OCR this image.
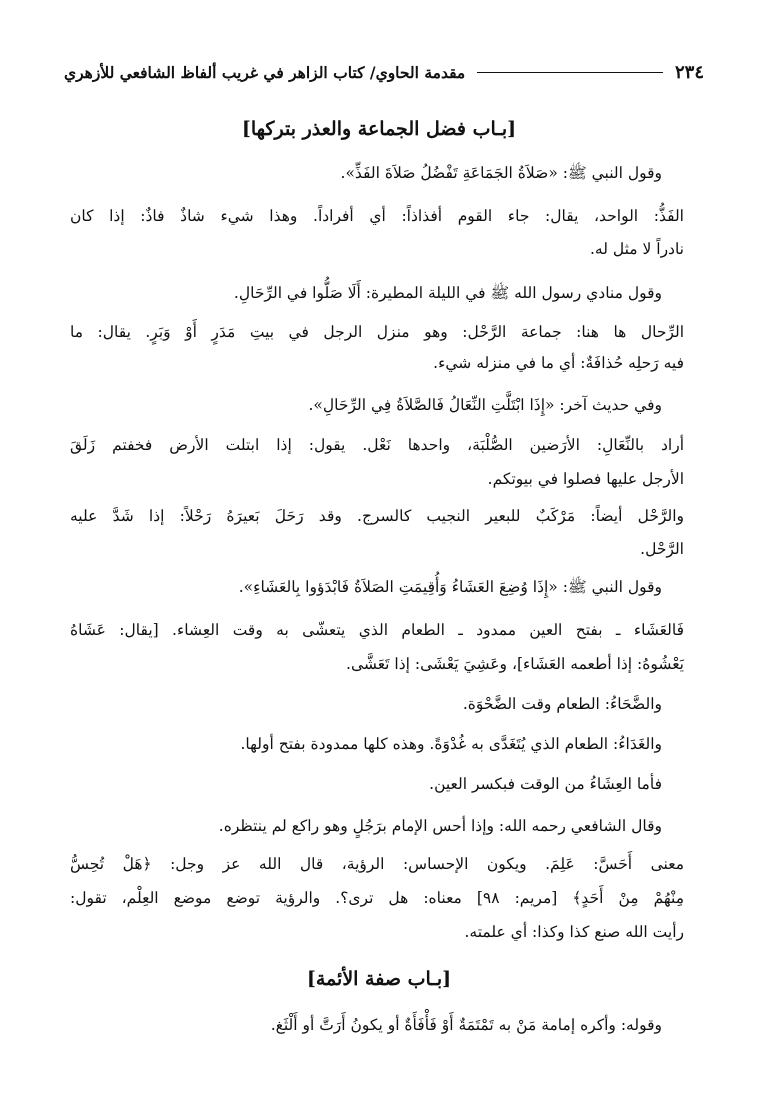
٢٣٤
مقدمة الحاوي/ كتاب الزاهر في غريب ألفاظ الشافعي للأزهري
[بـاب فضل الجماعة والعذر بتركها]
وقول النبي ﷺ: «صَلاَةُ الجَمَاعَةِ تَفْضُلُ صَلاَةَ الفَذِّ».
الفَذُّ: الواحد، يقال: جاء القوم أفذاذاً: أي أفراداً. وهذا شيء شاذٌ فاذٌ: إذا كان
نادراً لا مثل له.
وقول منادي رسول الله ﷺ في الليلة المطيرة: أَلَا صَلُّوا في الرِّحَالِ.
الرِّحال ها هنا: جماعة الرَّحْل: وهو منزل الرجل في بيتِ مَدَرٍ أَوْ وَبَرٍ. يقال: ما
فيه رَحلِه حُذافَةٌ: أي ما في منزله شيء.
وفي حديث آخر: «إِذَا ابْتَلَّتِ النِّعَالُ فَالصَّلاَةُ فِي الرِّحَالِ».
أراد بالنِّعَالِ: الأرَضين الصُّلْبَة، واحدها نَعْل. يقول: إذا ابتلت الأرض فخفتم زَلَقَ
الأرجل عليها فصلوا في بيوتكم.
والرَّحْل أيضاً: مَرْكَبٌ للبعير النجيب كالسرج. وقد رَحَلَ بَعيرَهُ رَحْلاً: إذا شَدَّ عليه
الرَّحْل.
وقول النبي ﷺ: «إِذَا وُضِعَ العَشَاءُ وَأُقِيمَتِ الصَلاَةُ فَابْدَؤوا بِالعَشَاءِ».
فَالعَشَاء ـ بفتح العين ممدود ـ الطعام الذي يتعشّى به وقت العِشاء. [يقال: عَشَاهُ
يَعْشُوهُ: إذا أطعمه العَشَاء]، وعَشِيَ يَعْشَى: إذا تَعَشَّى.
والضَّحَاءُ: الطعام وقت الضَّحْوَة.
والغَدَاءُ: الطعام الذي يُتَغَدَّى به غُدْوَةً. وهذه كلها ممدودة بفتح أولها.
فأما العِشَاءُ من الوقت فبكسر العين.
وقال الشافعي رحمه الله: وإذا أحس الإمام برَجُلٍ وهو راكع لم ينتظره.
معنى أَحَسَّ: عَلِمَ. ويكون الإحساس: الرؤية، قال الله عز وجل: ﴿هَلْ تُحِسُّ
مِنْهُمْ مِنْ أَحَدٍ﴾ [مريم: ٩٨] معناه: هل ترى؟. والرؤية توضع موضع العِلْم، تقول:
رأيت الله صنع كذا وكذا: أي علمته.
[بـاب صفة الأئمة]
وقوله: وأكره إمامة مَنْ به تَمْتَمَةٌ أَوْ فَأْفَأَةٌ أو يكونُ أَرَتَّ أو أَلْثَغ.
